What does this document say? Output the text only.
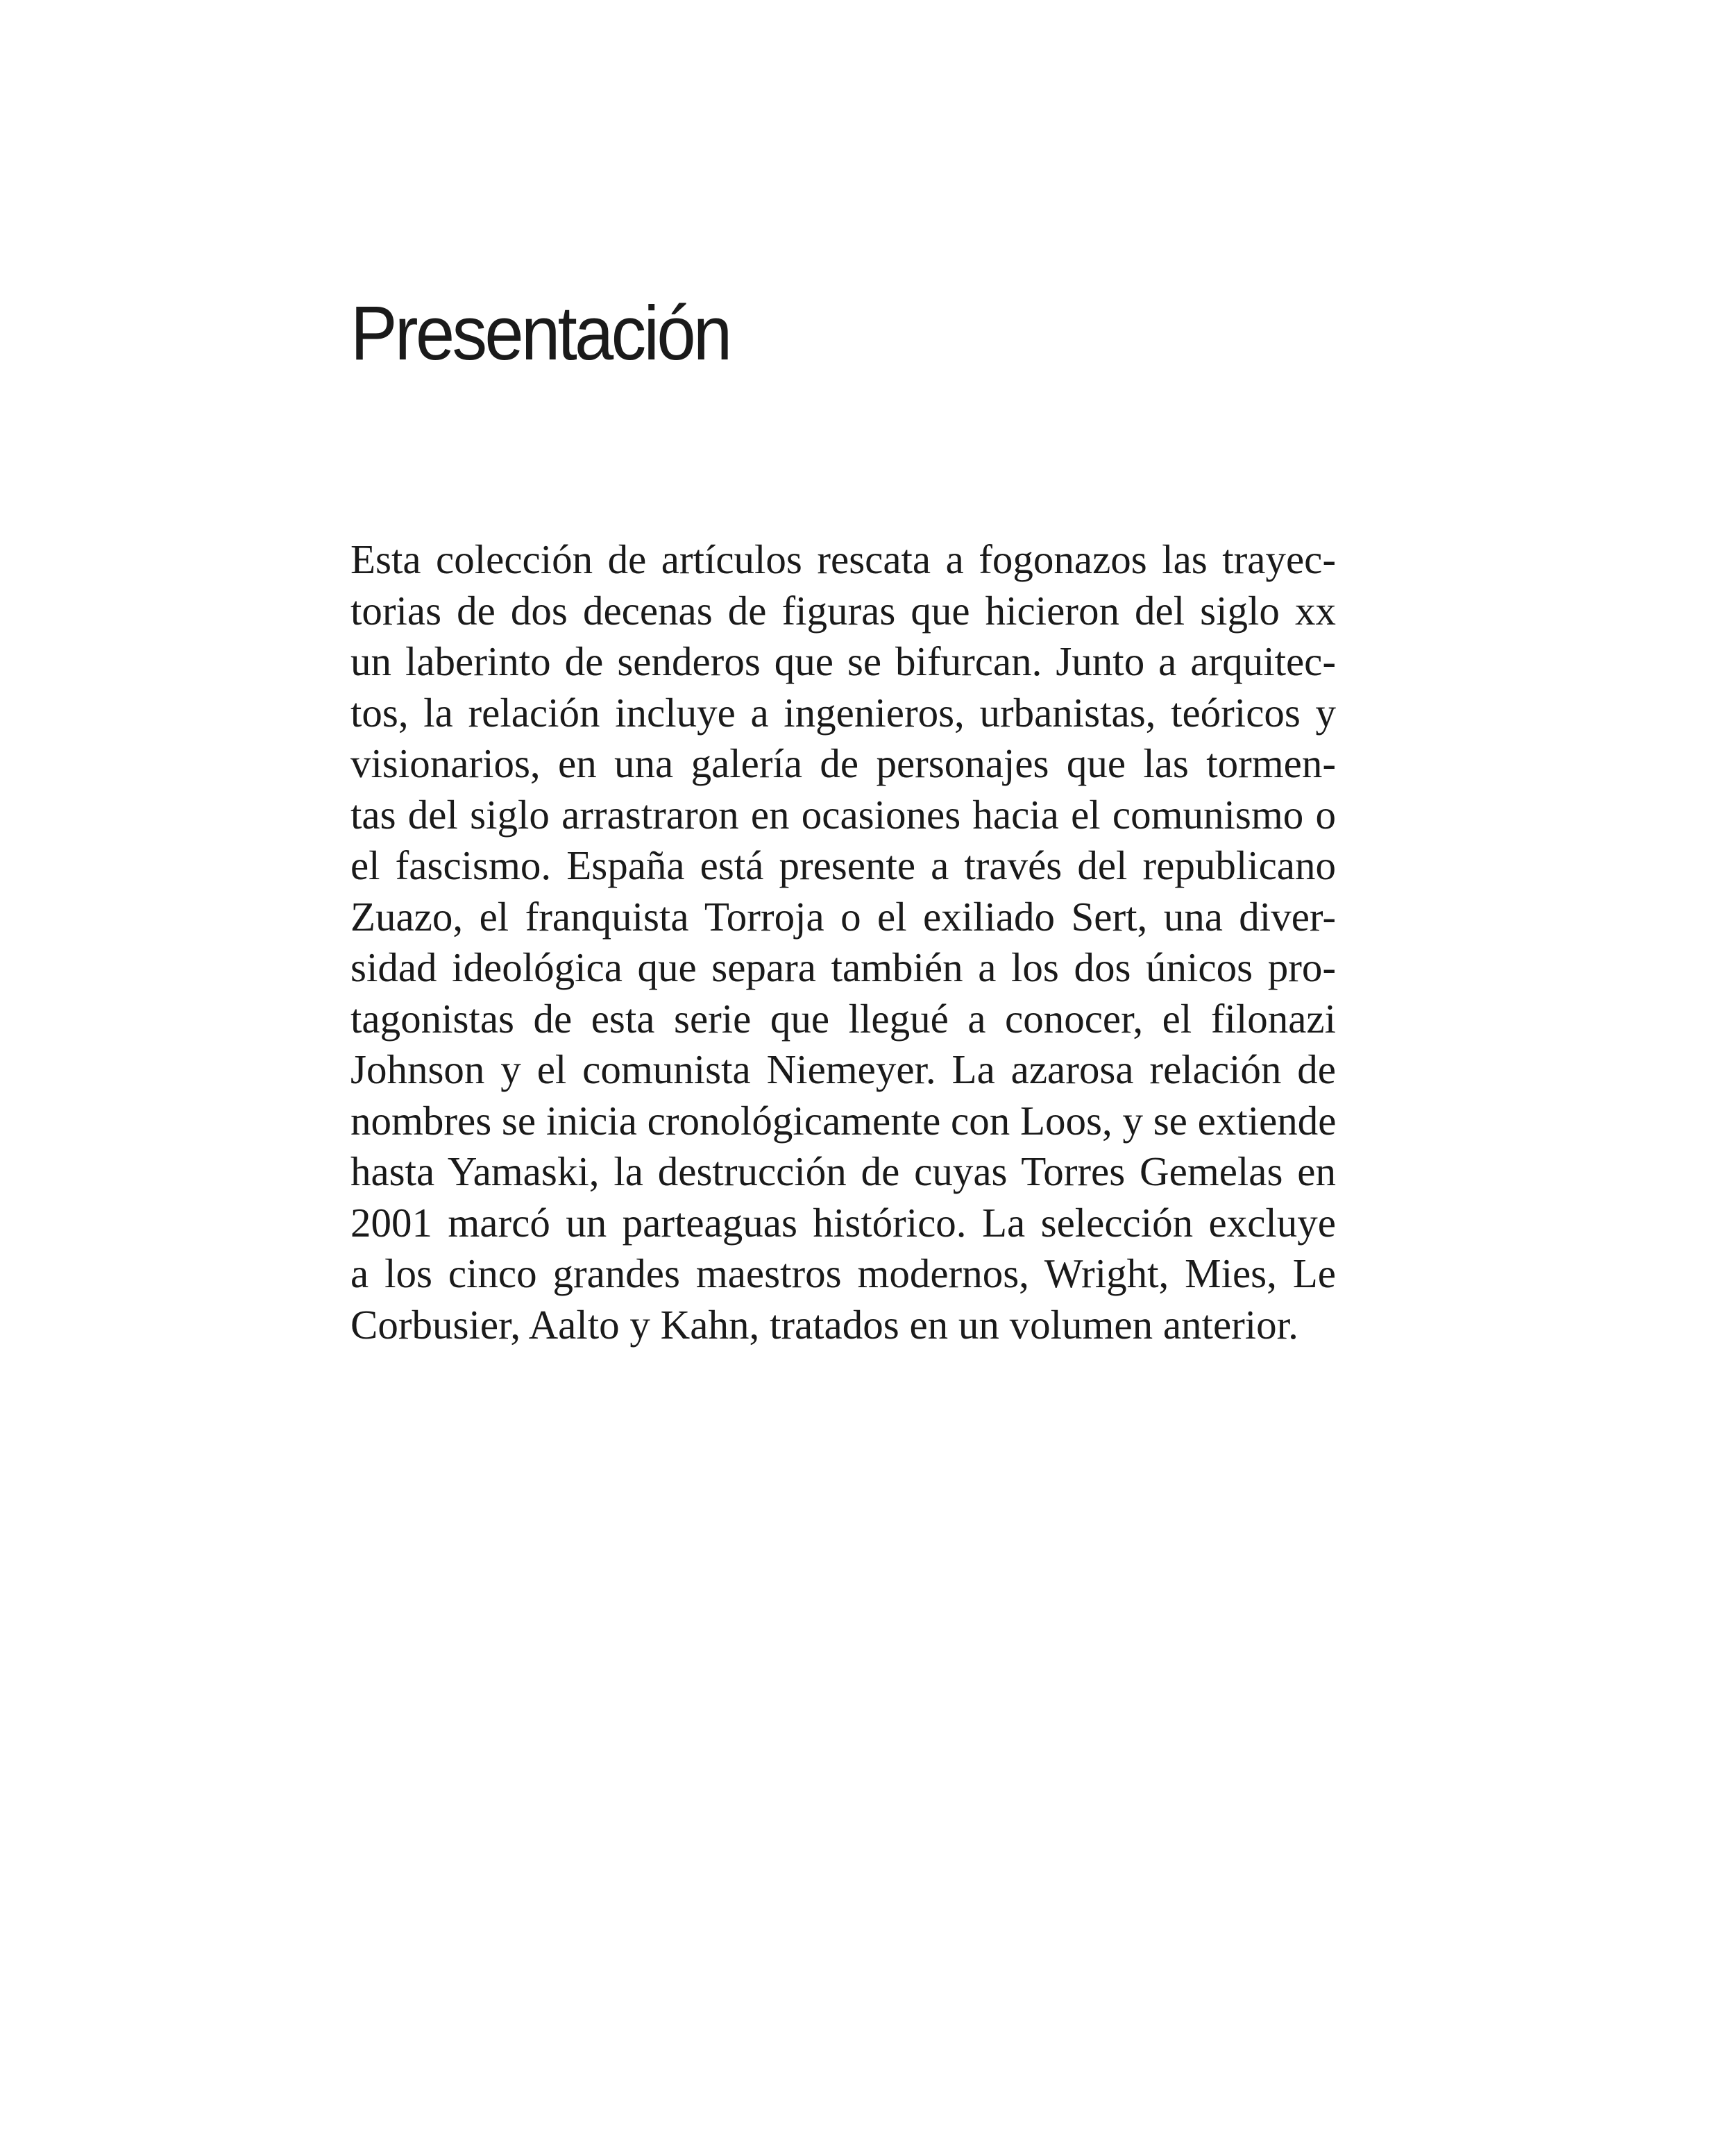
Presentación
Esta colección de artículos rescata a fogonazos las trayec-
torias de dos decenas de figuras que hicieron del siglo xx
un laberinto de senderos que se bifurcan. Junto a arquitec-
tos, la relación incluye a ingenieros, urbanistas, teóricos y
visionarios, en una galería de personajes que las tormen-
tas del siglo arrastraron en ocasiones hacia el comunismo o
el fascismo. España está presente a través del republicano
Zuazo, el franquista Torroja o el exiliado Sert, una diver-
sidad ideológica que separa también a los dos únicos pro-
tagonistas de esta serie que llegué a conocer, el filonazi
Johnson y el comunista Niemeyer. La azarosa relación de
nombres se inicia cronológicamente con Loos, y se extiende
hasta Yamaski, la destrucción de cuyas Torres Gemelas en
2001 marcó un parteaguas histórico. La selección excluye
a los cinco grandes maestros modernos, Wright, Mies, Le
Corbusier, Aalto y Kahn, tratados en un volumen anterior.
